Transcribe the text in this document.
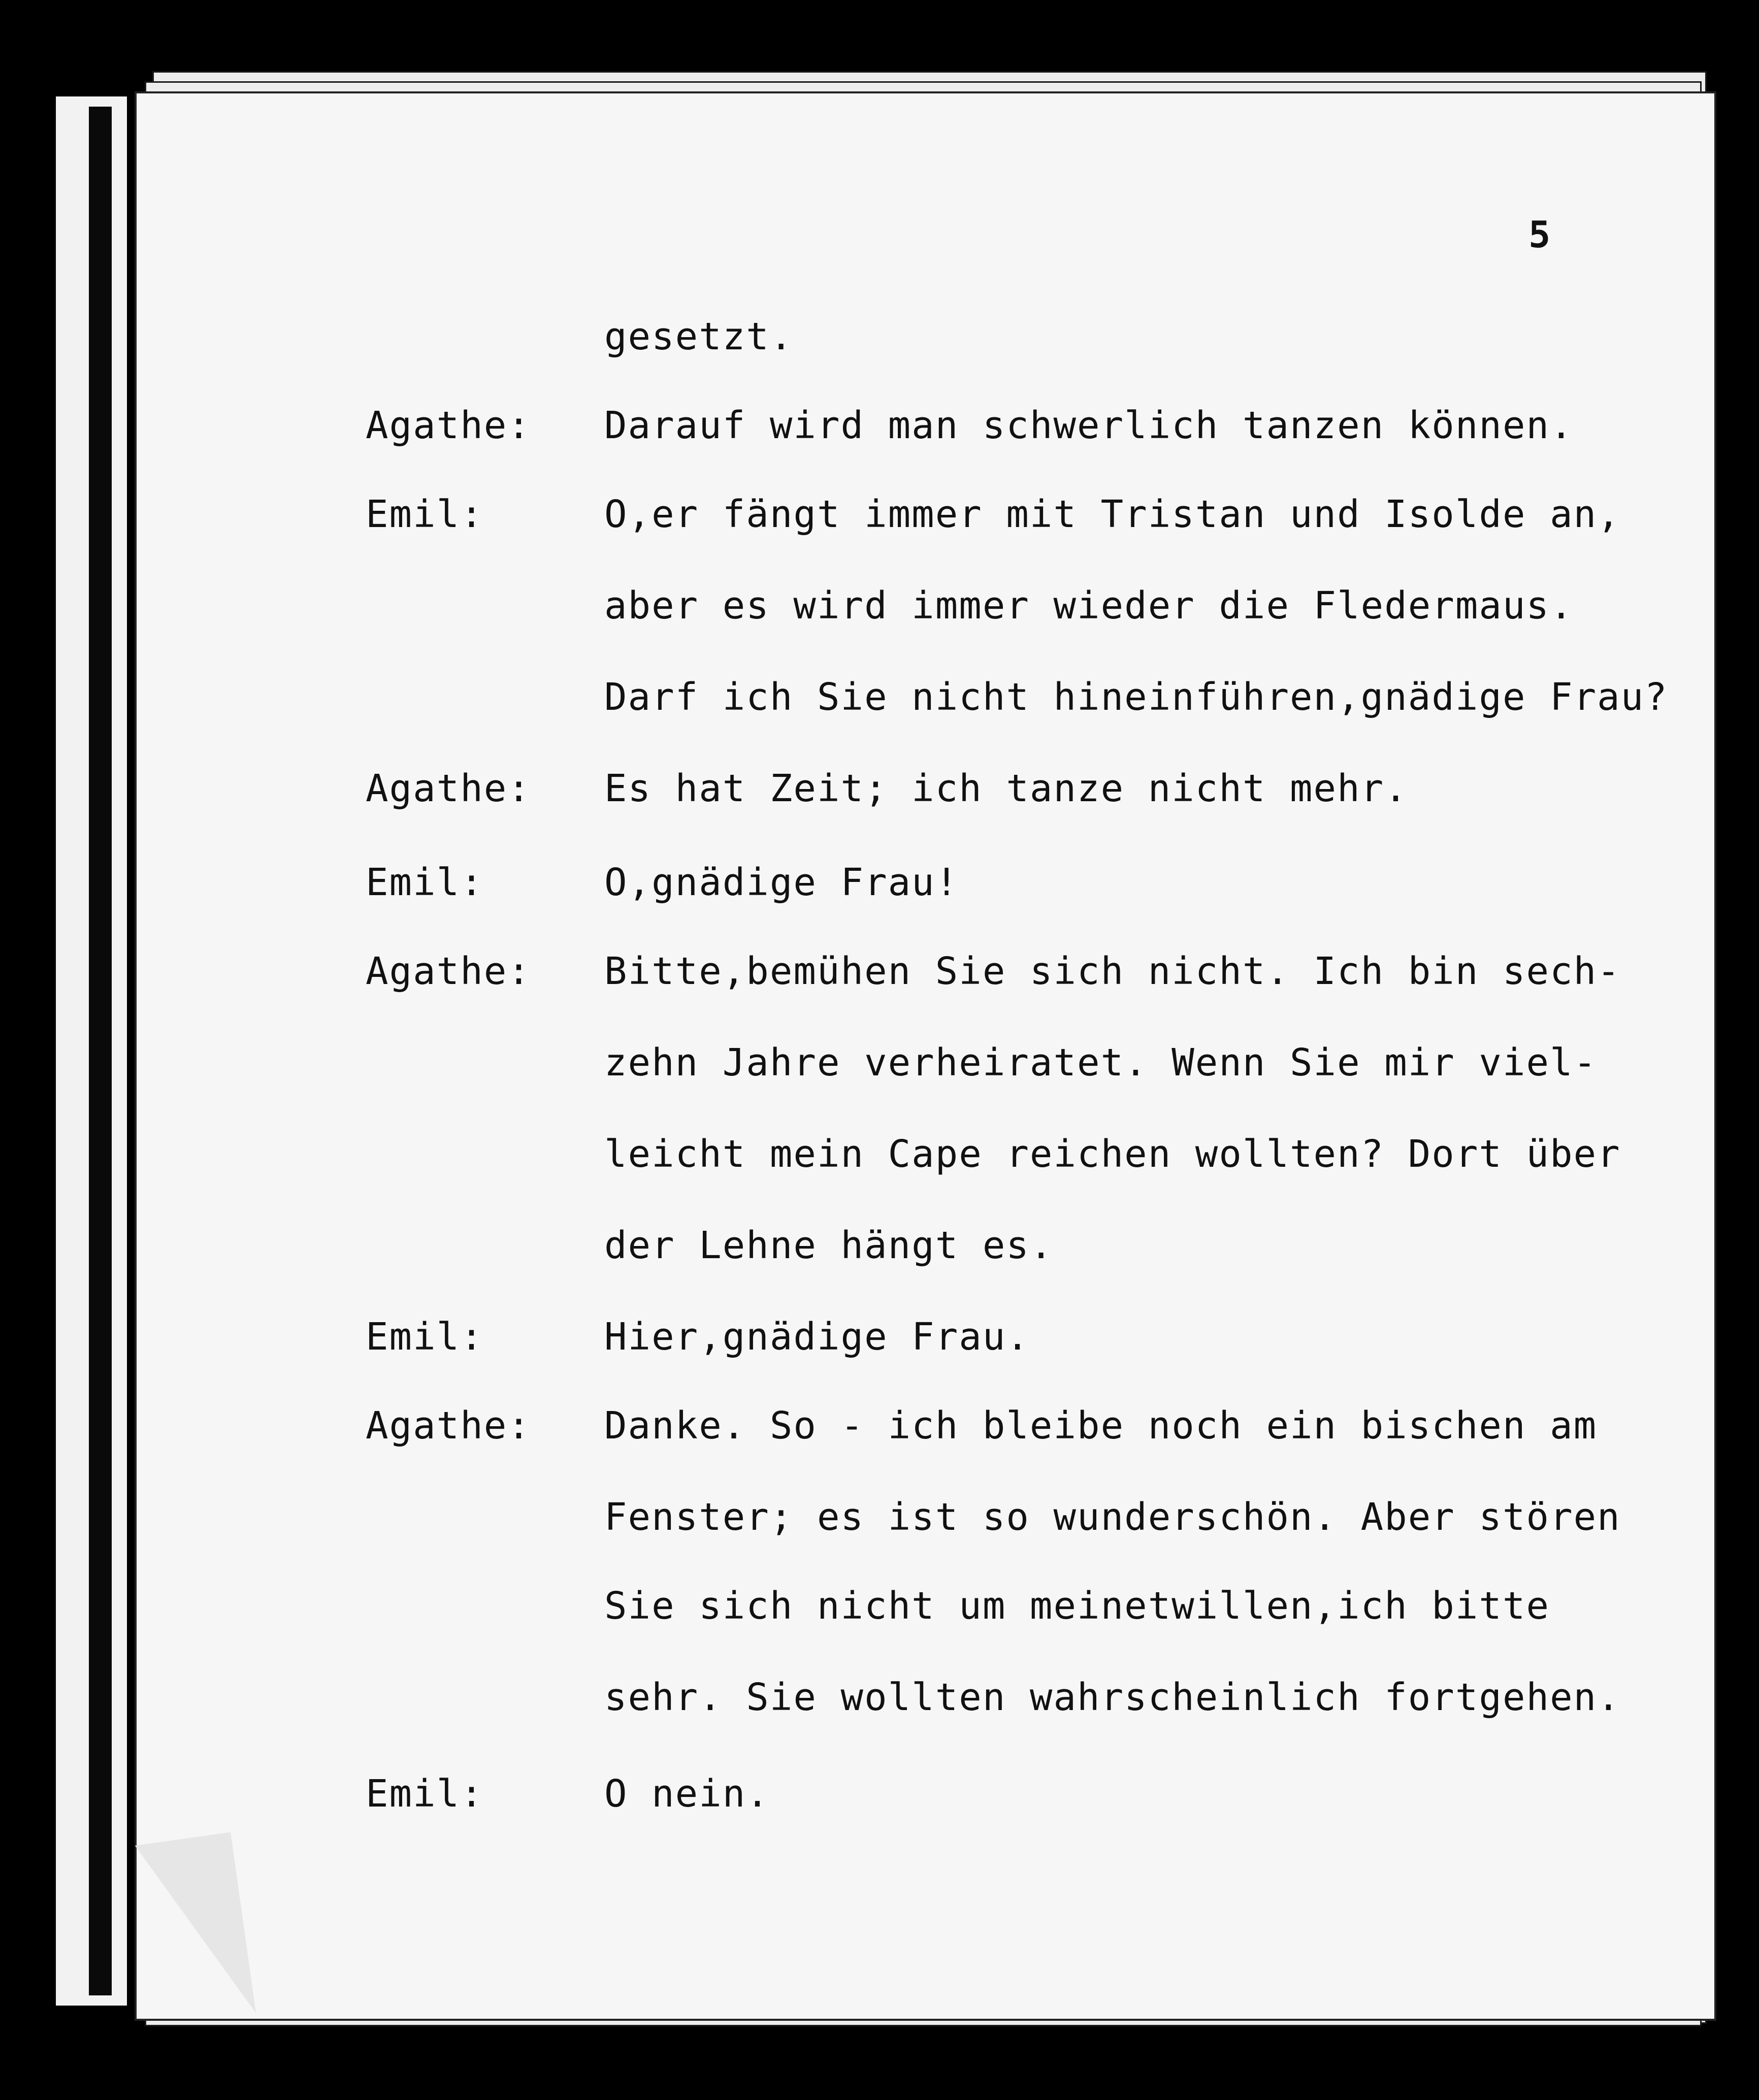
5
gesetzt.
Agathe: Darauf wird man schwerlich tanzen können.
Emil:	O,er fängt immer mit Tristan und Isolde an,
aber es wird immer wieder die Fledermaus.
Darf ich Sie nicht hineinführen,gnädige Frau?
Agathe: Es hat Zeit; ich tanze nicht mehr.
Emil:	O,gnädige Frau!
Agathe: Bitte,bemühen Sie sich nicht. Ich bin sech-
zehn Jahre verheiratet. Wenn Sie mir viel-
leicht mein Cape reichen wollten? Dort über
der Lehne hängt es.
Emil:	Hier,gnädige Frau.
Agathe: Danke. So - ich bleibe noch ein bischen am
Fenster; es ist so wunderschön. Aber stören
Sie sich nicht um meinetwillen,ich bitte
sehr. Sie wollten wahrscheinlich fortgehen.
Emil:	O nein.
